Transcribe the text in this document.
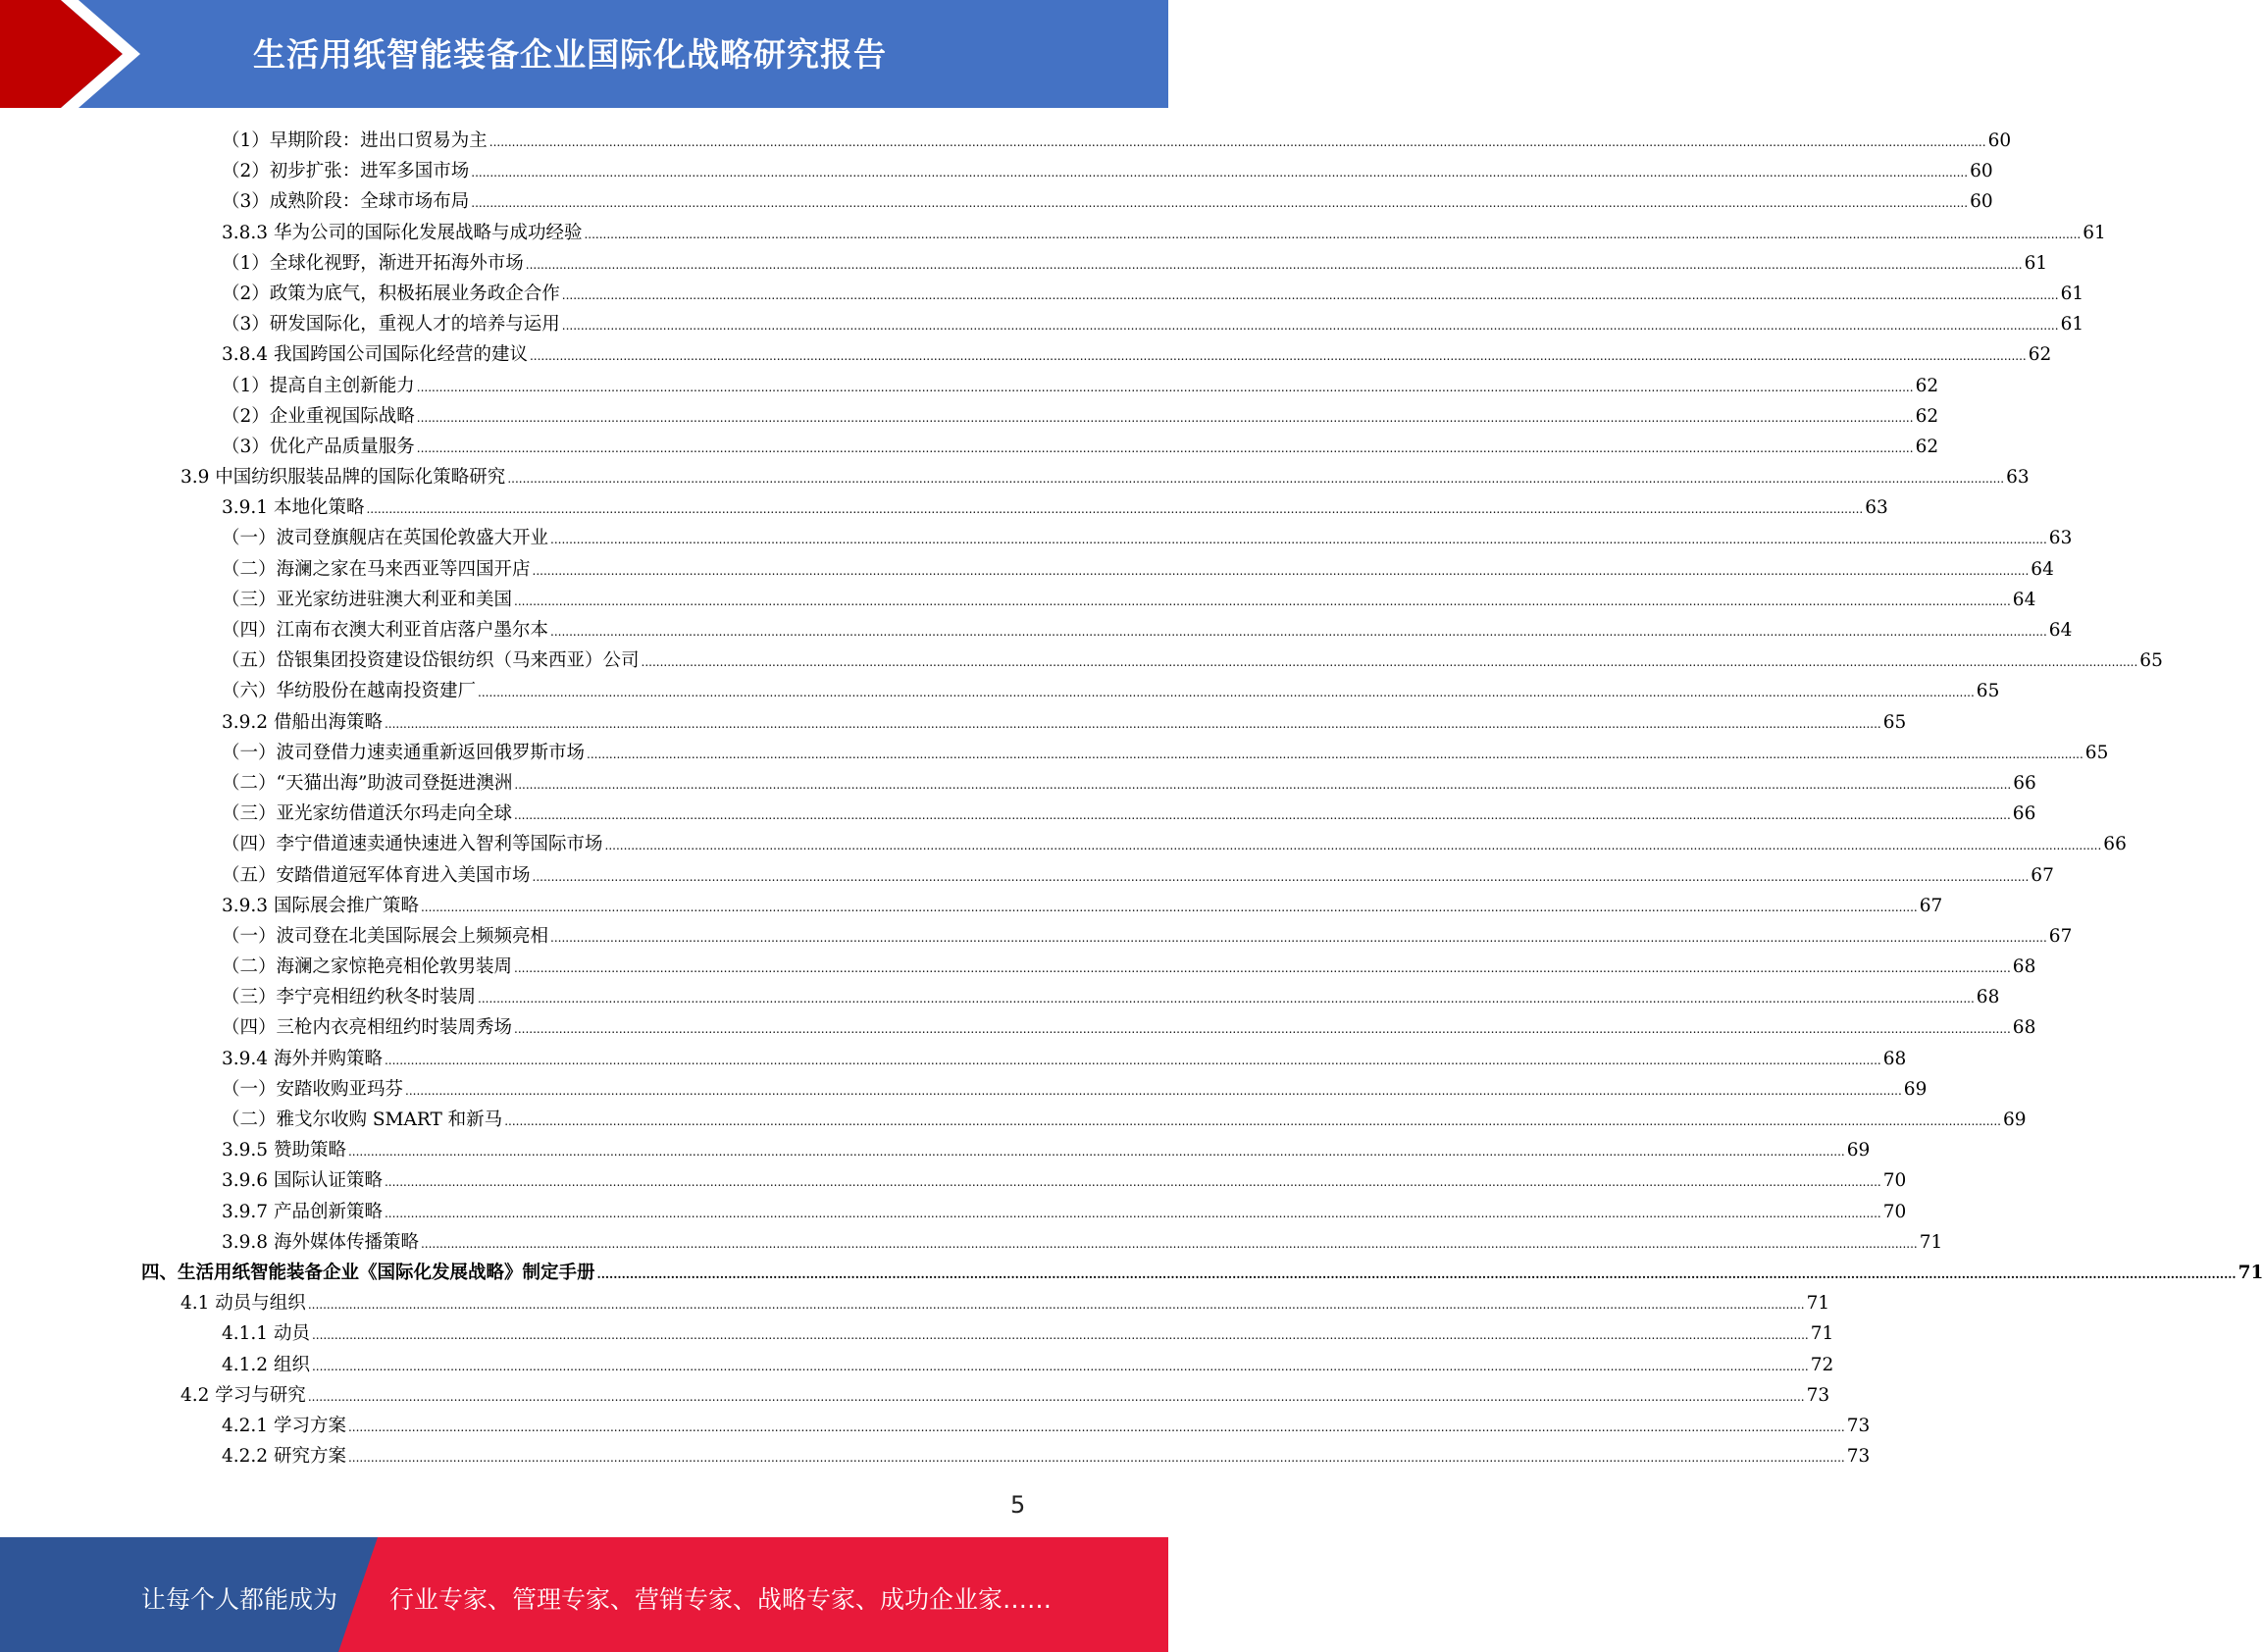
生活用纸智能装备企业国际化战略研究报告
（1）早期阶段：进出口贸易为主 ................................................................................................................................................................................................................................................................................................................................................................................................................ 60
（2）初步扩张：进军多国市场 ................................................................................................................................................................................................................................................................................................................................................................................................................ 60
（3）成熟阶段：全球市场布局 ................................................................................................................................................................................................................................................................................................................................................................................................................ 60
3.8.3 华为公司的国际化发展战略与成功经验 ................................................................................................................................................................................................................................................................................................................................................................................................................ 61
（1）全球化视野，渐进开拓海外市场 ................................................................................................................................................................................................................................................................................................................................................................................................................ 61
（2）政策为底气，积极拓展业务政企合作 ................................................................................................................................................................................................................................................................................................................................................................................................................ 61
（3）研发国际化，重视人才的培养与运用 ................................................................................................................................................................................................................................................................................................................................................................................................................ 61
3.8.4 我国跨国公司国际化经营的建议 ................................................................................................................................................................................................................................................................................................................................................................................................................ 62
（1）提高自主创新能力 ................................................................................................................................................................................................................................................................................................................................................................................................................ 62
（2）企业重视国际战略 ................................................................................................................................................................................................................................................................................................................................................................................................................ 62
（3）优化产品质量服务 ................................................................................................................................................................................................................................................................................................................................................................................................................ 62
3.9 中国纺织服装品牌的国际化策略研究 ................................................................................................................................................................................................................................................................................................................................................................................................................ 63
3.9.1 本地化策略 ................................................................................................................................................................................................................................................................................................................................................................................................................ 63
（一）波司登旗舰店在英国伦敦盛大开业 ................................................................................................................................................................................................................................................................................................................................................................................................................ 63
（二）海澜之家在马来西亚等四国开店 ................................................................................................................................................................................................................................................................................................................................................................................................................ 64
（三）亚光家纺进驻澳大利亚和美国 ................................................................................................................................................................................................................................................................................................................................................................................................................ 64
（四）江南布衣澳大利亚首店落户墨尔本 ................................................................................................................................................................................................................................................................................................................................................................................................................ 64
（五）岱银集团投资建设岱银纺织（马来西亚）公司 ................................................................................................................................................................................................................................................................................................................................................................................................................ 65
（六）华纺股份在越南投资建厂 ................................................................................................................................................................................................................................................................................................................................................................................................................ 65
3.9.2 借船出海策略 ................................................................................................................................................................................................................................................................................................................................................................................................................ 65
（一）波司登借力速卖通重新返回俄罗斯市场 ................................................................................................................................................................................................................................................................................................................................................................................................................ 65
（二）“天猫出海”助波司登挺进澳洲 ................................................................................................................................................................................................................................................................................................................................................................................................................ 66
（三）亚光家纺借道沃尔玛走向全球 ................................................................................................................................................................................................................................................................................................................................................................................................................ 66
（四）李宁借道速卖通快速进入智利等国际市场 ................................................................................................................................................................................................................................................................................................................................................................................................................ 66
（五）安踏借道冠军体育进入美国市场 ................................................................................................................................................................................................................................................................................................................................................................................................................ 67
3.9.3 国际展会推广策略 ................................................................................................................................................................................................................................................................................................................................................................................................................ 67
（一）波司登在北美国际展会上频频亮相 ................................................................................................................................................................................................................................................................................................................................................................................................................ 67
（二）海澜之家惊艳亮相伦敦男装周 ................................................................................................................................................................................................................................................................................................................................................................................................................ 68
（三）李宁亮相纽约秋冬时装周 ................................................................................................................................................................................................................................................................................................................................................................................................................ 68
（四）三枪内衣亮相纽约时装周秀场 ................................................................................................................................................................................................................................................................................................................................................................................................................ 68
3.9.4 海外并购策略 ................................................................................................................................................................................................................................................................................................................................................................................................................ 68
（一）安踏收购亚玛芬 ................................................................................................................................................................................................................................................................................................................................................................................................................ 69
（二）雅戈尔收购 SMART 和新马 ................................................................................................................................................................................................................................................................................................................................................................................................................ 69
3.9.5 赞助策略 ................................................................................................................................................................................................................................................................................................................................................................................................................ 69
3.9.6 国际认证策略 ................................................................................................................................................................................................................................................................................................................................................................................................................ 70
3.9.7 产品创新策略 ................................................................................................................................................................................................................................................................................................................................................................................................................ 70
3.9.8 海外媒体传播策略 ................................................................................................................................................................................................................................................................................................................................................................................................................ 71
四、生活用纸智能装备企业《国际化发展战略》制定手册 ................................................................................................................................................................................................................................................................................................................................................................................................................ 71
4.1 动员与组织 ................................................................................................................................................................................................................................................................................................................................................................................................................ 71
4.1.1 动员 ................................................................................................................................................................................................................................................................................................................................................................................................................ 71
4.1.2 组织 ................................................................................................................................................................................................................................................................................................................................................................................................................ 72
4.2 学习与研究 ................................................................................................................................................................................................................................................................................................................................................................................................................ 73
4.2.1 学习方案 ................................................................................................................................................................................................................................................................................................................................................................................................................ 73
4.2.2 研究方案 ................................................................................................................................................................................................................................................................................................................................................................................................................ 73
5
让每个人都能成为 行业专家、管理专家、营销专家、战略专家、成功企业家……
